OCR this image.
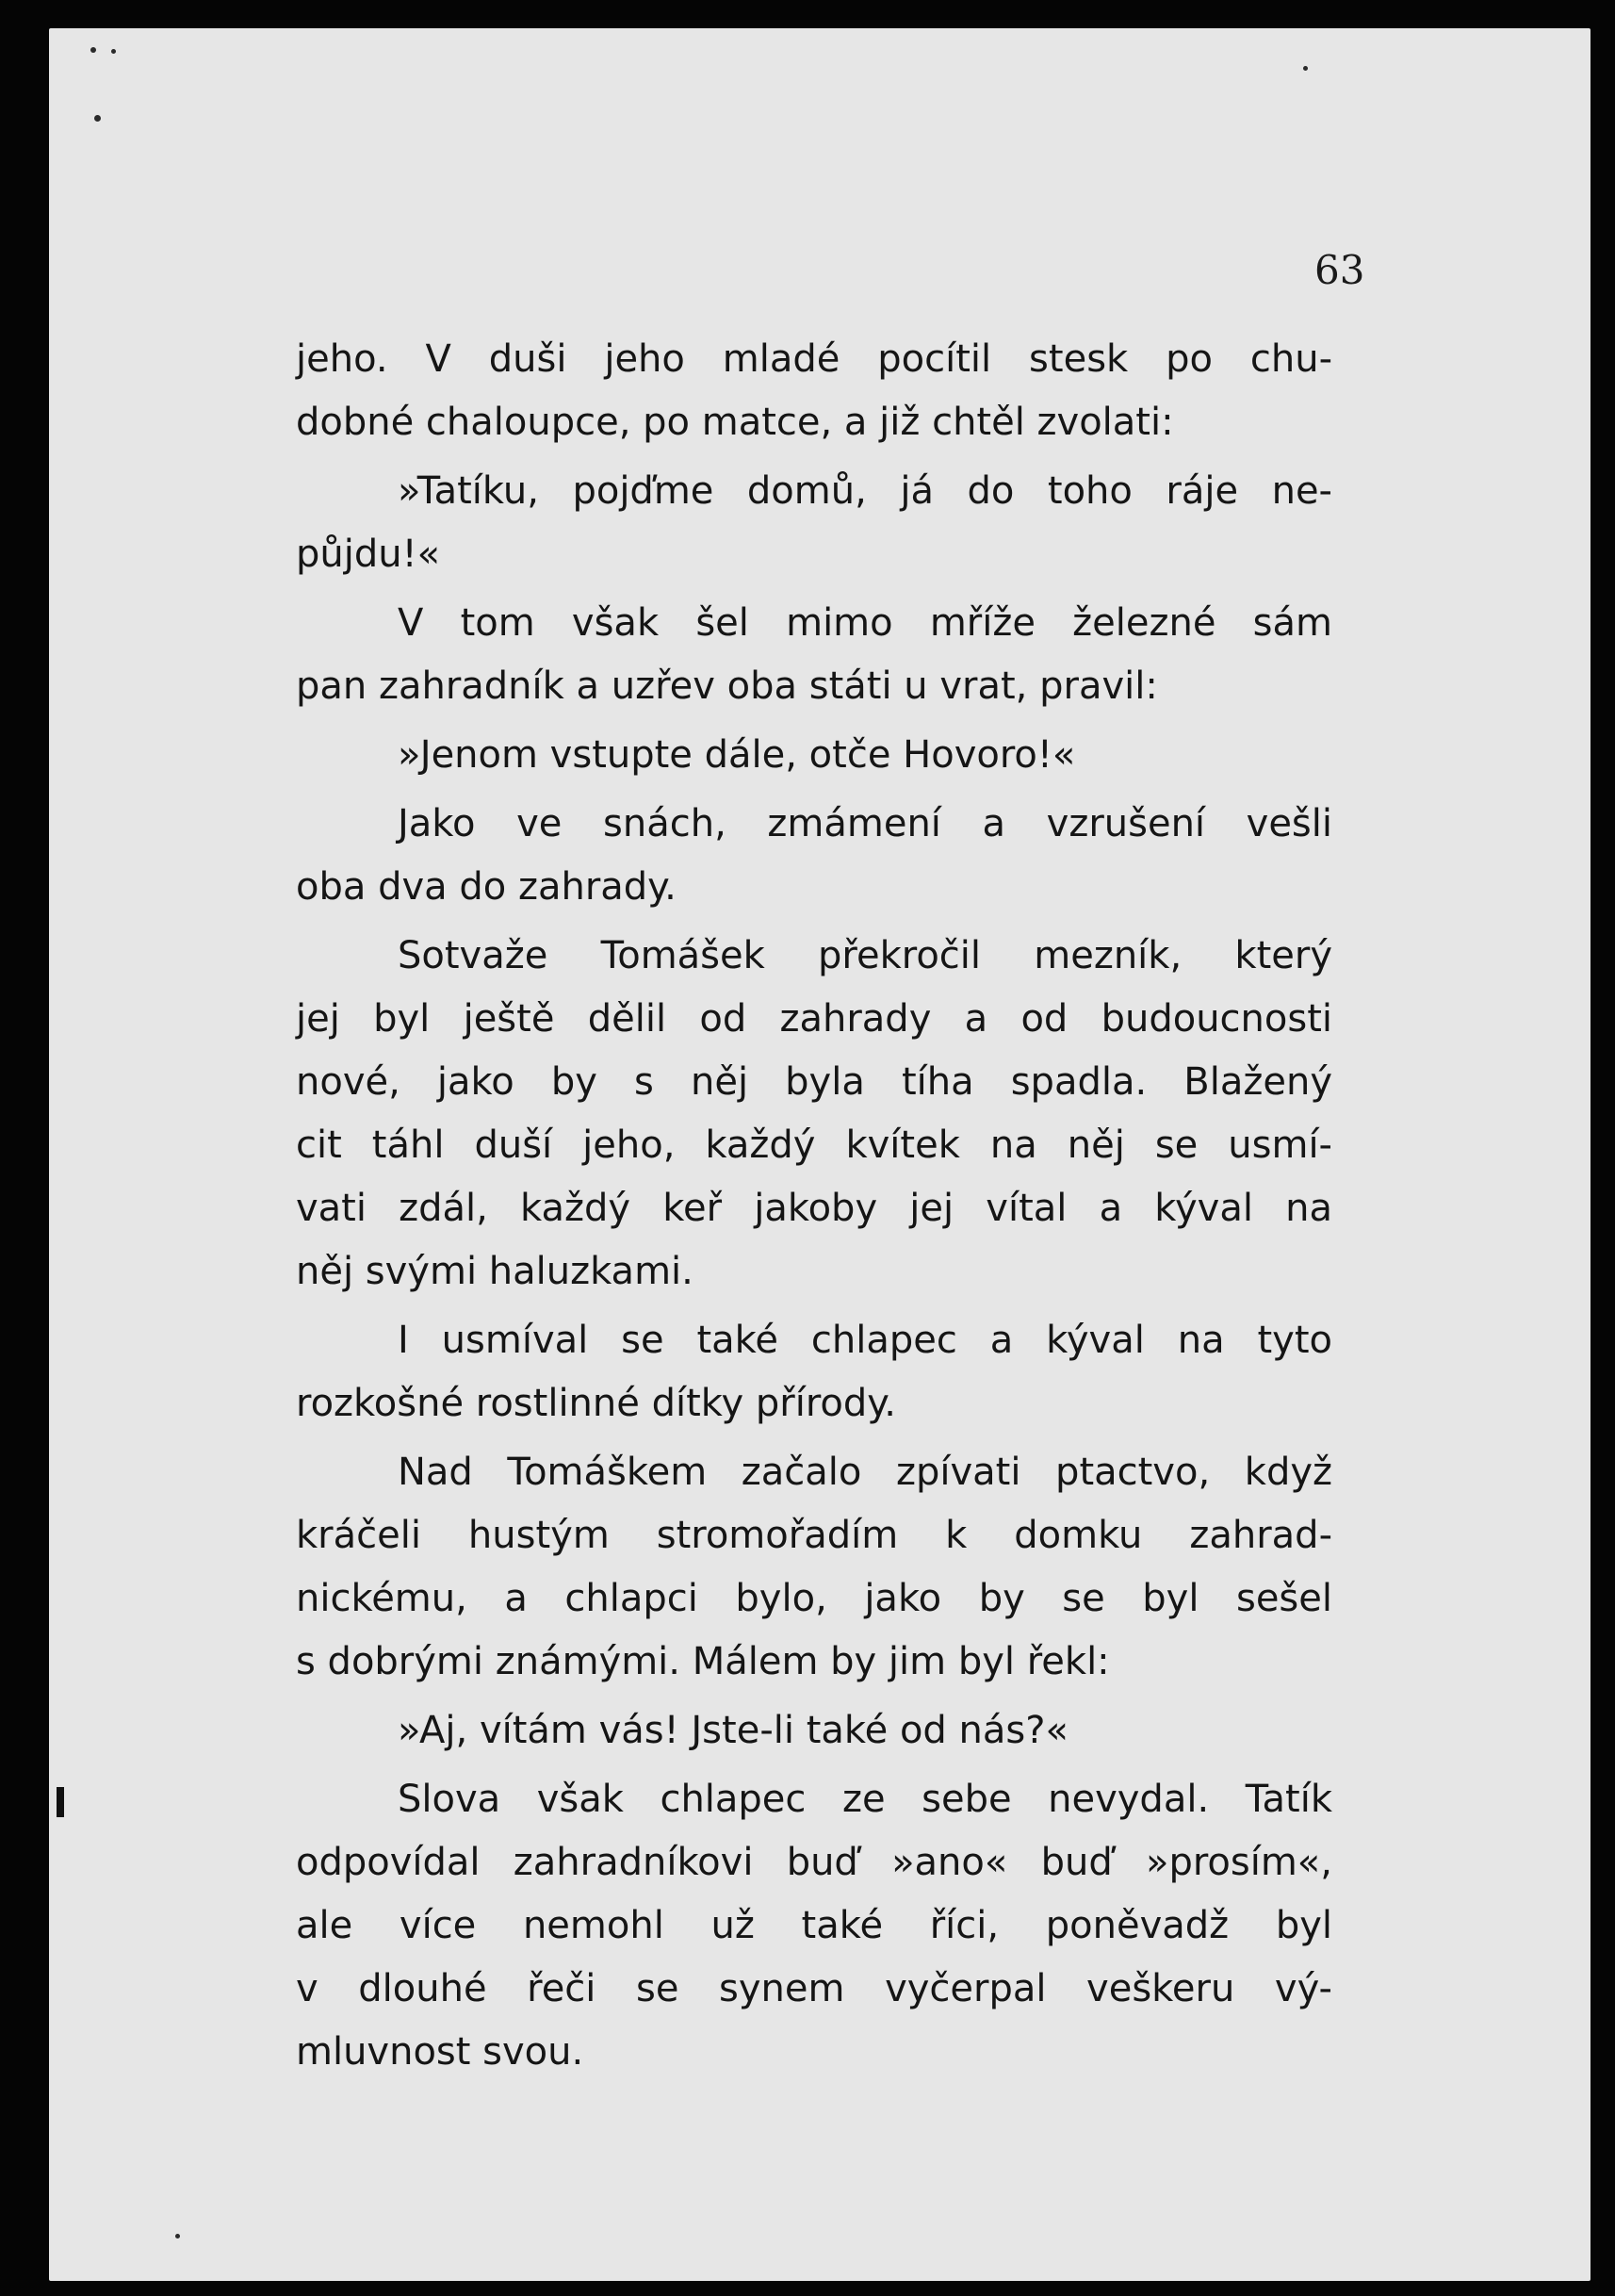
63

jeho. V duši jeho mladé pocítil stesk po chu-
dobné chaloupce, po matce, a již chtěl zvolati:
»Tatíku, pojďme domů, já do toho ráje ne-
půjdu!«
V tom však šel mimo mříže železné sám
pan zahradník a uzřev oba státi u vrat, pravil:
»Jenom vstupte dále, otče Hovoro!«
Jako ve snách, zmámení a vzrušení vešli
oba dva do zahrady.
Sotvaže Tomášek překročil mezník, který
jej byl ještě dělil od zahrady a od budoucnosti
nové, jako by s něj byla tíha spadla. Blažený
cit táhl duší jeho, každý kvítek na něj se usmí-
vati zdál, každý keř jakoby jej vítal a kýval na
něj svými haluzkami.
I usmíval se také chlapec a kýval na tyto
rozkošné rostlinné dítky přírody.
Nad Tomáškem začalo zpívati ptactvo, když
kráčeli hustým stromořadím k domku zahrad-
nickému, a chlapci bylo, jako by se byl sešel
s dobrými známými. Málem by jim byl řekl:
»Aj, vítám vás! Jste-li také od nás?«
Slova však chlapec ze sebe nevydal. Tatík
odpovídal zahradníkovi buď »ano« buď »prosím«,
ale více nemohl už také říci, poněvadž byl
v dlouhé řeči se synem vyčerpal veškeru vý-
mluvnost svou.
